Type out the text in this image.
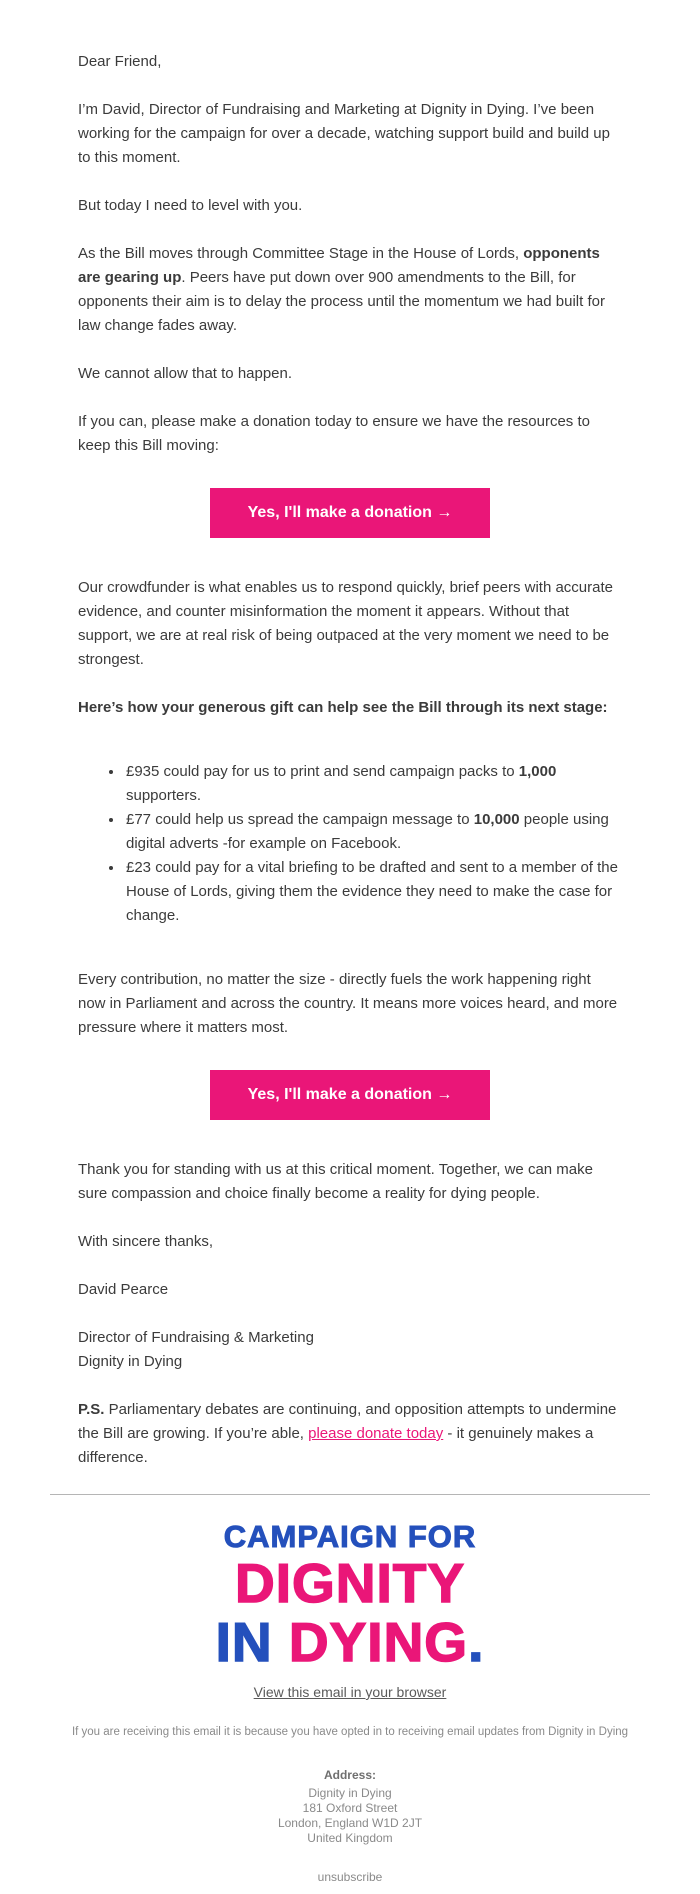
Dear Friend,

I’m David, Director of Fundraising and Marketing at Dignity in Dying. I’ve been working for the campaign for over a decade, watching support build and build up to this moment.

But today I need to level with you.

As the Bill moves through Committee Stage in the House of Lords, opponents are gearing up. Peers have put down over 900 amendments to the Bill, for opponents their aim is to delay the process until the momentum we had built for law change fades away.

We cannot allow that to happen.

If you can, please make a donation today to ensure we have the resources to keep this Bill moving:

Yes, I'll make a donation →

Our crowdfunder is what enables us to respond quickly, brief peers with accurate evidence, and counter misinformation the moment it appears. Without that support, we are at real risk of being outpaced at the very moment we need to be strongest.

Here’s how your generous gift can help see the Bill through its next stage:

• £935 could pay for us to print and send campaign packs to 1,000 supporters.
• £77 could help us spread the campaign message to 10,000 people using digital adverts -for example on Facebook.
• £23 could pay for a vital briefing to be drafted and sent to a member of the House of Lords, giving them the evidence they need to make the case for change.

Every contribution, no matter the size - directly fuels the work happening right now in Parliament and across the country. It means more voices heard, and more pressure where it matters most.

Yes, I'll make a donation →

Thank you for standing with us at this critical moment. Together, we can make sure compassion and choice finally become a reality for dying people.

With sincere thanks,

David Pearce

Director of Fundraising & Marketing
Dignity in Dying

P.S. Parliamentary debates are continuing, and opposition attempts to undermine the Bill are growing. If you’re able, please donate today - it genuinely makes a difference.

CAMPAIGN FOR
DIGNITY
IN DYING.
View this email in your browser

If you are receiving this email it is because you have opted in to receiving email updates from Dignity in Dying

Address:

Dignity in Dying
181 Oxford Street
London, England W1D 2JT
United Kingdom
unsubscribe
